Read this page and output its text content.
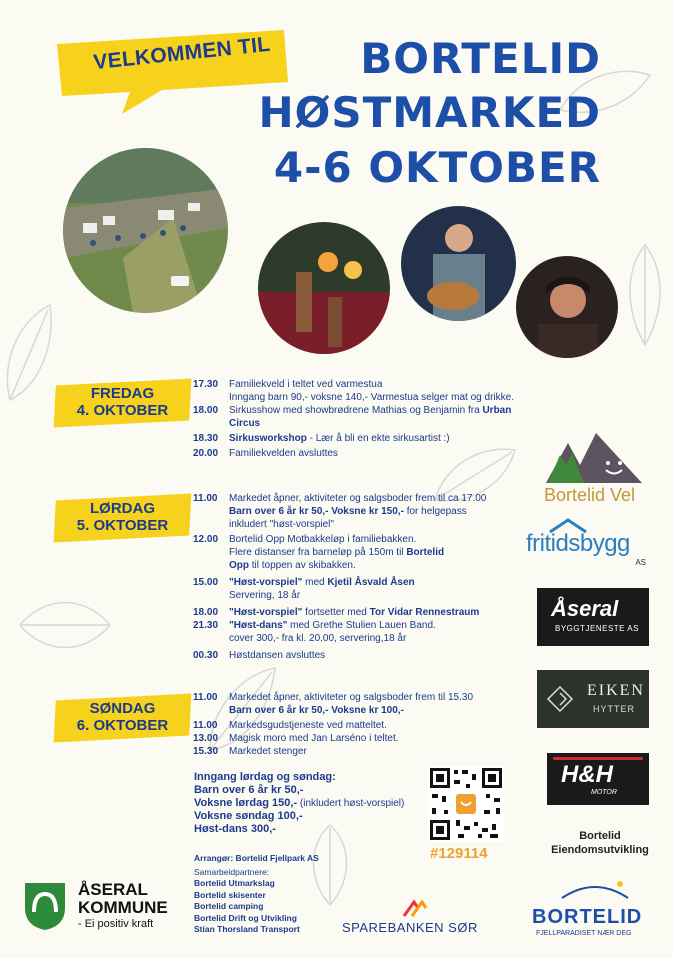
VELKOMMEN TIL	BORTELID
HØSTMARKED
4-6 OKTOBER
FREDAG
4. OKTOBER
17.30	Familiekveld i teltet ved varmestua
Inngang barn 90,- voksne 140,- Varmestua selger mat og drikke.
18.00	Sirkusshow med showbrødrene Mathias og Benjamin fra Urban
Circus
18.30	Sirkusworkshop - Lær å bli en ekte sirkusartist :)
20.00	Familiekvelden avsluttes
LØRDAG
5. OKTOBER
11.00	Markedet åpner, aktiviteter og salgsboder frem til ca 17.00
Barn over 6 år kr 50,- Voksne kr 150,- for helgepass
inkludert "høst-vorspiel"
12.00	Bortelid Opp Motbakkeløp i familiebakken.
Flere distanser fra barneløp på 150m til Bortelid
Opp til toppen av skibakken.
15.00	"Høst-vorspiel" med Kjetil Åsvald Åsen
Servering, 18 år
18.00	"Høst-vorspiel" fortsetter med Tor Vidar Rennestraum
21.30	"Høst-dans" med Grethe Stulien Lauen Band.
cover 300,- fra kl. 20.00, servering,18 år
00.30	Høstdansen avsluttes
SØNDAG
6. OKTOBER
11.00	Markedet åpner, aktiviteter og salgsboder frem til 15.30
Barn over 6 år kr 50,- Voksne kr 100,-
11.00	Markedsgudstjeneste ved matteltet.
13.00	Magisk moro med Jan Larséno i teltet.
15.30	Markedet stenger
Inngang lørdag og søndag:
Barn over 6 år kr 50,-
Voksne lørdag 150,- (inkludert høst-vorspiel)
Voksne søndag 100,-
Høst-dans 300,-
Arrangør: Bortelid Fjellpark AS
Samarbeidpartnere:
Bortelid Utmarkslag
Bortelid skisenter
Bortelid camping
Bortelid Drift og Utvikling
Stian Thorsland Transport
#129114
Bortelid Vel
fritidsbygg
AS
Åseral
BYGGTJENESTE AS
EIKEN
HYTTER
H&H
MOTOR
Bortelid
Eiendomsutvikling
SPAREBANKEN SØR	BORTELID
FJELLPARADISET NÆR DEG
ÅSERAL
KOMMUNE
- Ei positiv kraft
